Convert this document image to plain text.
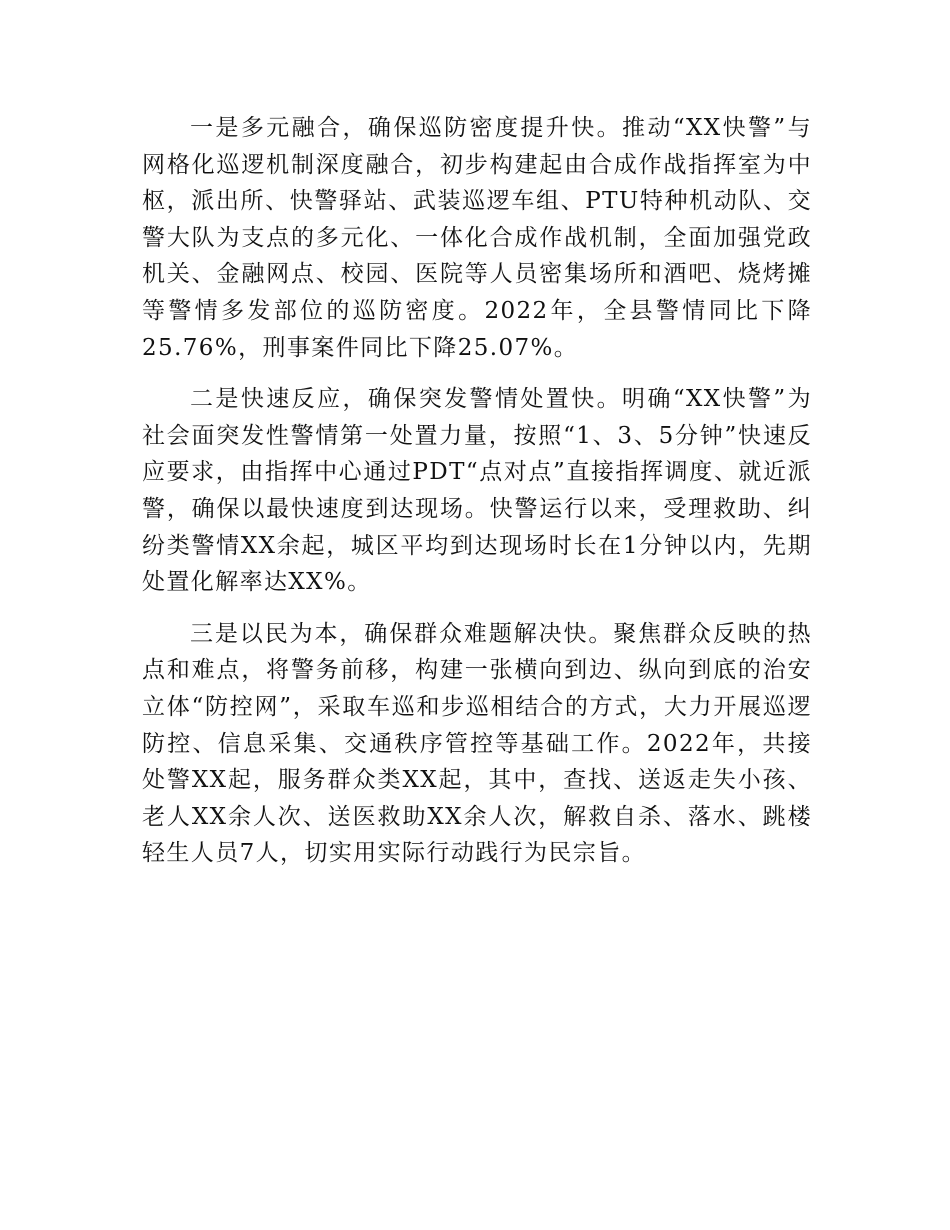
一是多元融合，确保巡防密度提升快。推动“XX快警”与网格化巡逻机制深度融合，初步构建起由合成作战指挥室为中枢，派出所、快警驿站、武装巡逻车组、PTU特种机动队、交警大队为支点的多元化、一体化合成作战机制，全面加强党政机关、金融网点、校园、医院等人员密集场所和酒吧、烧烤摊等警情多发部位的巡防密度。2022年，全县警情同比下降25.76%，刑事案件同比下降25.07%。

二是快速反应，确保突发警情处置快。明确“XX快警”为社会面突发性警情第一处置力量，按照“1、3、5分钟”快速反应要求，由指挥中心通过PDT“点对点”直接指挥调度、就近派警，确保以最快速度到达现场。快警运行以来，受理救助、纠纷类警情XX余起，城区平均到达现场时长在1分钟以内，先期处置化解率达XX%。

三是以民为本，确保群众难题解决快。聚焦群众反映的热点和难点，将警务前移，构建一张横向到边、纵向到底的治安立体“防控网”，采取车巡和步巡相结合的方式，大力开展巡逻防控、信息采集、交通秩序管控等基础工作。2022年，共接处警XX起，服务群众类XX起，其中，查找、送返走失小孩、老人XX余人次、送医救助XX余人次，解救自杀、落水、跳楼轻生人员7人，切实用实际行动践行为民宗旨。
